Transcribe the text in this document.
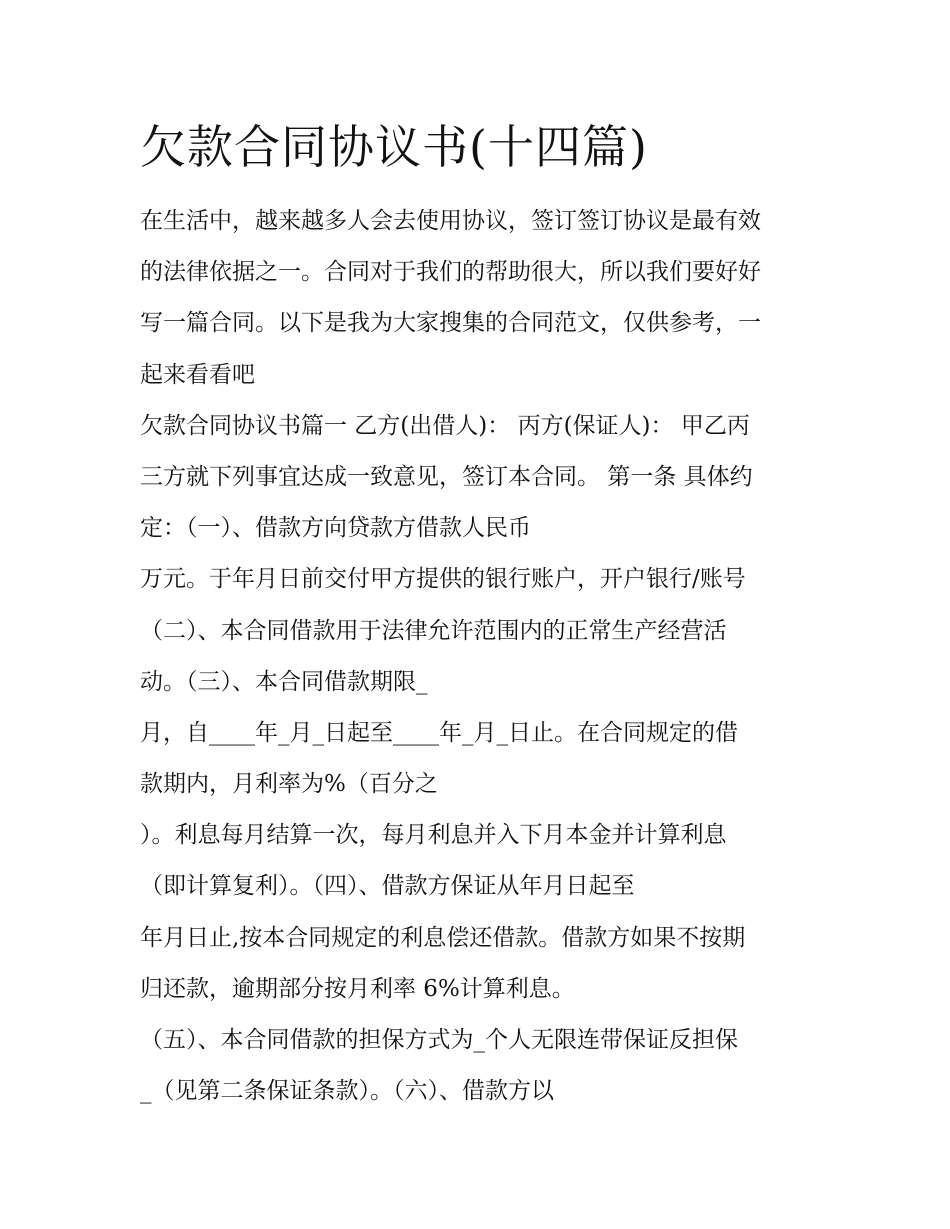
欠款合同协议书(十四篇)
在生活中，越来越多人会去使用协议，签订签订协议是最有效
的法律依据之一。合同对于我们的帮助很大，所以我们要好好
写一篇合同。以下是我为大家搜集的合同范文，仅供参考，一
起来看看吧
欠款合同协议书篇一 乙方(出借人)： 丙方(保证人)： 甲乙丙
三方就下列事宜达成一致意见，签订本合同。 第一条 具体约
定：（一）、借款方向贷款方借款人民币
万元。于年月日前交付甲方提供的银行账户，开户银行/账号
（二）、本合同借款用于法律允许范围内的正常生产经营活
动。（三）、本合同借款期限_
月，自____年_月_日起至____年_月_日止。在合同规定的借
款期内，月利率为%（百分之
）。利息每月结算一次，每月利息并入下月本金并计算利息
（即计算复利）。（四）、借款方保证从年月日起至
年月日止,按本合同规定的利息偿还借款。借款方如果不按期
归还款，逾期部分按月利率 6%计算利息。
（五）、本合同借款的担保方式为_个人无限连带保证反担保
_（见第二条保证条款）。（六）、借款方以
